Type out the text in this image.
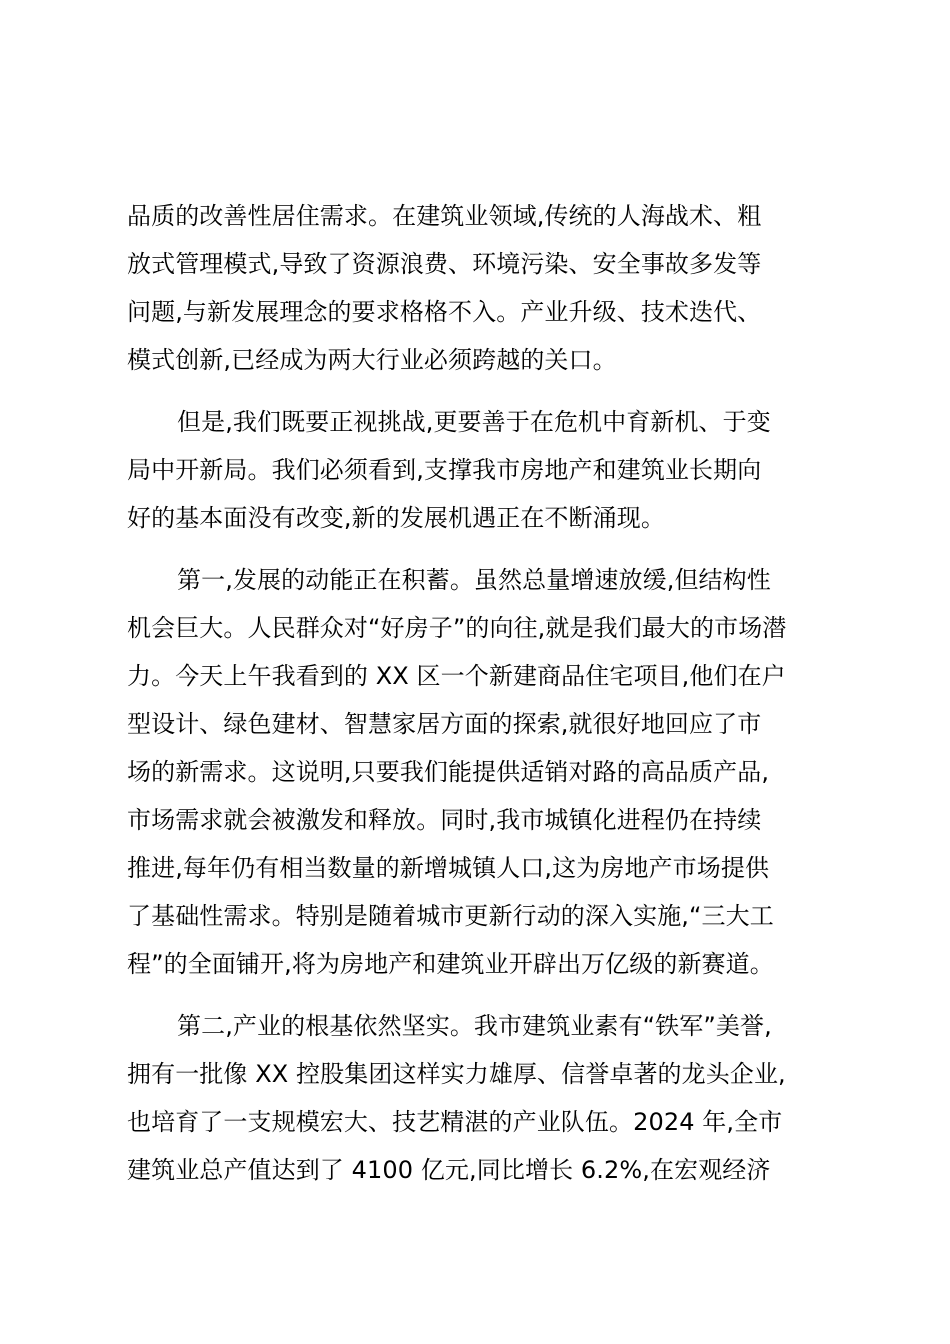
品质的改善性居住需求。在建筑业领域,传统的人海战术、粗
放式管理模式,导致了资源浪费、环境污染、安全事故多发等
问题,与新发展理念的要求格格不入。产业升级、技术迭代、
模式创新,已经成为两大行业必须跨越的关口。
但是,我们既要正视挑战,更要善于在危机中育新机、于变
局中开新局。我们必须看到,支撑我市房地产和建筑业长期向
好的基本面没有改变,新的发展机遇正在不断涌现。
第一,发展的动能正在积蓄。虽然总量增速放缓,但结构性
机会巨大。人民群众对“好房子”的向往,就是我们最大的市场潜
力。今天上午我看到的 XX 区一个新建商品住宅项目,他们在户
型设计、绿色建材、智慧家居方面的探索,就很好地回应了市
场的新需求。这说明,只要我们能提供适销对路的高品质产品,
市场需求就会被激发和释放。同时,我市城镇化进程仍在持续
推进,每年仍有相当数量的新增城镇人口,这为房地产市场提供
了基础性需求。特别是随着城市更新行动的深入实施,“三大工
程”的全面铺开,将为房地产和建筑业开辟出万亿级的新赛道。
第二,产业的根基依然坚实。我市建筑业素有“铁军”美誉,
拥有一批像 XX 控股集团这样实力雄厚、信誉卓著的龙头企业,
也培育了一支规模宏大、技艺精湛的产业队伍。2024 年,全市
建筑业总产值达到了 4100 亿元,同比增长 6.2%,在宏观经济
